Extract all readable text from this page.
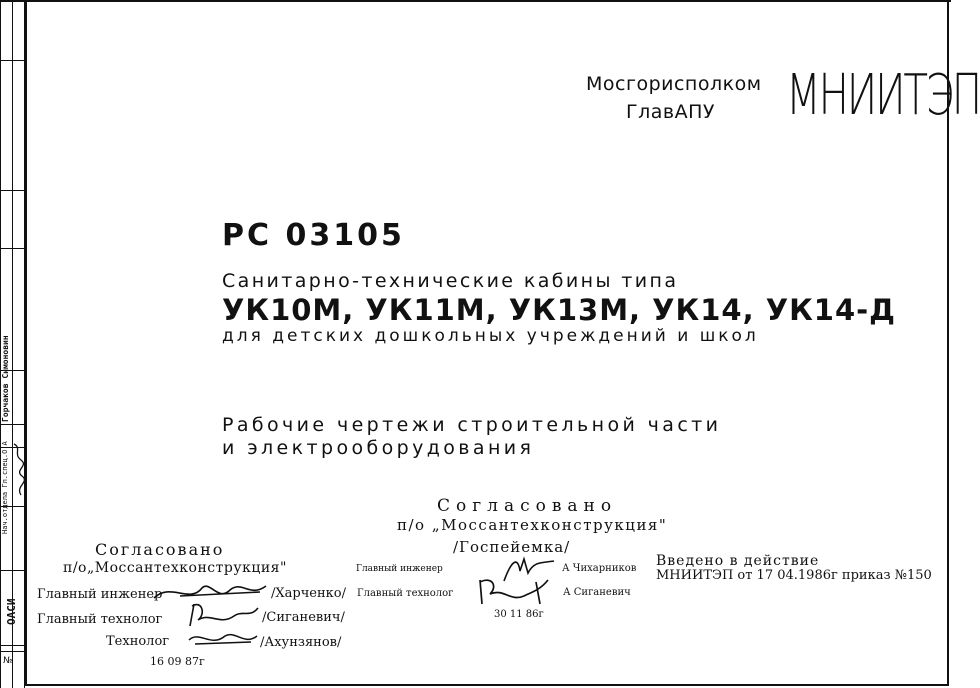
Горчаков Симоновин
Нач.отдела Гл.спец.О.А
ОАСИ
№
Мосгорисполком
ГлавАПУ МНИИТЭП
РС 03105
Санитарно-технические кабины типа
УК10М, УК11М, УК13М, УК14, УК14-Д
для детских дошкольных учреждений и школ
Рабочие чертежи строительной части
и электрооборудования
Согласовано
п/о „Моссантехконструкция"
/Госпейемка/
Главный инженер	А Чихарников
Главный технолог	А Сиганевич
30 11 86г
Введено в действие
МНИИТЭП от 17 04.1986г приказ №150
Согласовано
п/о„Моссантехконструкция"
Главный инженер	/Харченко/
Главный технолог	/Сиганевич/
Технолог	/Ахунзянов/
16 09 87г
